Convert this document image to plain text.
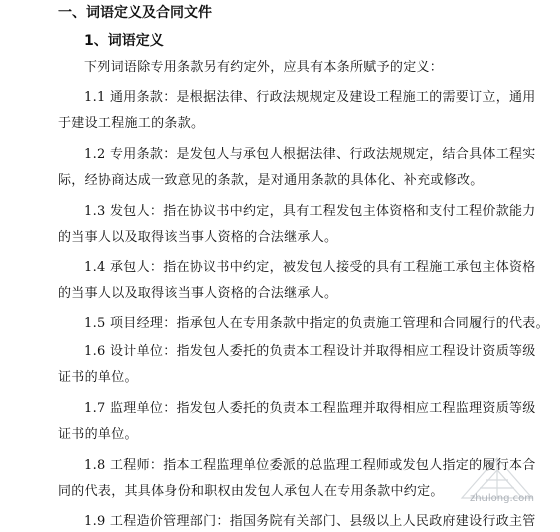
一、词语定义及合同文件
1、词语定义
下列词语除专用条款另有约定外，应具有本条所赋予的定义：
1.1 通用条款：是根据法律、行政法规规定及建设工程施工的需要订立，通用
于建设工程施工的条款。
1.2 专用条款：是发包人与承包人根据法律、行政法规规定，结合具体工程实
际，经协商达成一致意见的条款，是对通用条款的具体化、补充或修改。
1.3 发包人：指在协议书中约定，具有工程发包主体资格和支付工程价款能力
的当事人以及取得该当事人资格的合法继承人。
1.4 承包人：指在协议书中约定，被发包人接受的具有工程施工承包主体资格
的当事人以及取得该当事人资格的合法继承人。
1.5 项目经理：指承包人在专用条款中指定的负责施工管理和合同履行的代表。
1.6 设计单位：指发包人委托的负责本工程设计并取得相应工程设计资质等级
证书的单位。
1.7 监理单位：指发包人委托的负责本工程监理并取得相应工程监理资质等级
证书的单位。
1.8 工程师：指本工程监理单位委派的总监理工程师或发包人指定的履行本合
同的代表，其具体身份和职权由发包人承包人在专用条款中约定。
1.9 工程造价管理部门：指国务院有关部门、县级以上人民政府建设行政主管
zhulong.com
